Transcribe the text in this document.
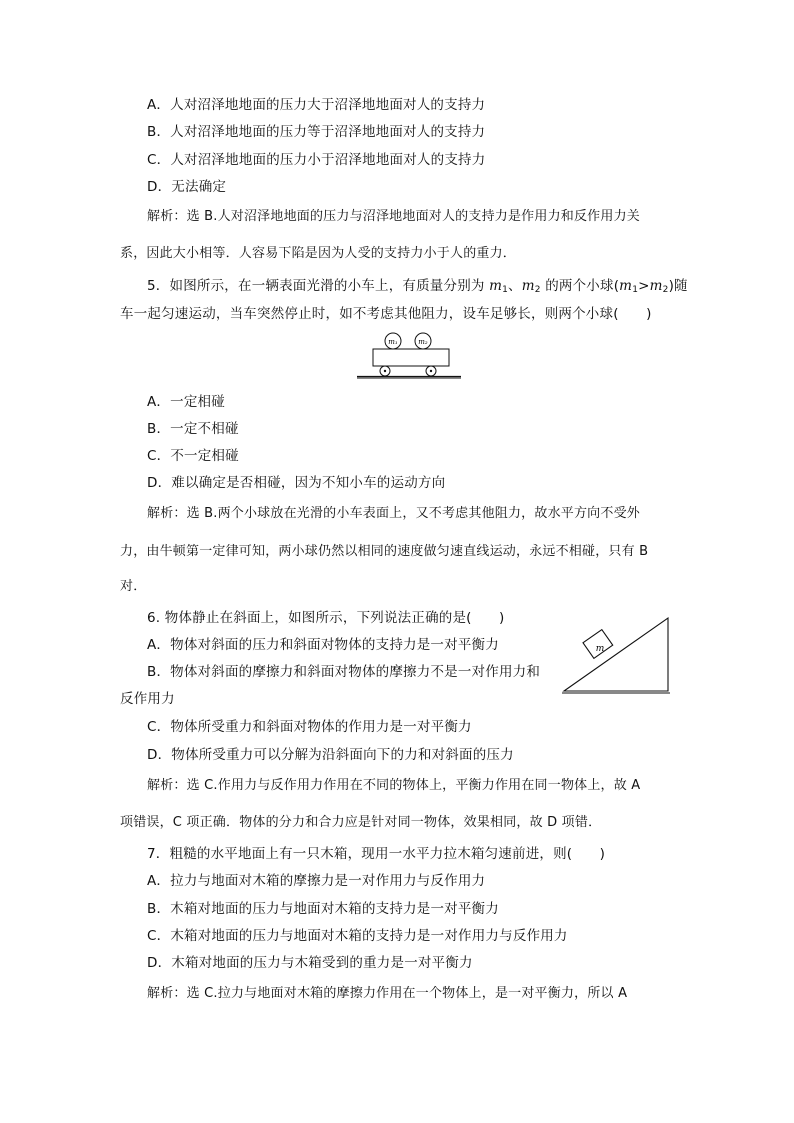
A．人对沼泽地地面的压力大于沼泽地地面对人的支持力
B．人对沼泽地地面的压力等于沼泽地地面对人的支持力
C．人对沼泽地地面的压力小于沼泽地地面对人的支持力
D．无法确定
解析：选 B.人对沼泽地地面的压力与沼泽地地面对人的支持力是作用力和反作用力关
系，因此大小相等．人容易下陷是因为人受的支持力小于人的重力．
5．如图所示，在一辆表面光滑的小车上，有质量分别为 $m_1$、$m_2$ 的两个小球$(m_1>m_2)$随
车一起匀速运动，当车突然停止时，如不考虑其他阻力，设车足够长，则两个小球(　　)
m₁	m₂
A．一定相碰
B．一定不相碰
C．不一定相碰
D．难以确定是否相碰，因为不知小车的运动方向
解析：选 B.两个小球放在光滑的小车表面上，又不考虑其他阻力，故水平方向不受外
力，由牛顿第一定律可知，两小球仍然以相同的速度做匀速直线运动，永远不相碰，只有 B
对．
6. 物体静止在斜面上，如图所示，下列说法正确的是(　　)
A．物体对斜面的压力和斜面对物体的支持力是一对平衡力
B．物体对斜面的摩擦力和斜面对物体的摩擦力不是一对作用力和
反作用力
m
C．物体所受重力和斜面对物体的作用力是一对平衡力
D．物体所受重力可以分解为沿斜面向下的力和对斜面的压力
解析：选 C.作用力与反作用力作用在不同的物体上，平衡力作用在同一物体上，故 A
项错误，C 项正确．物体的分力和合力应是针对同一物体，效果相同，故 D 项错．
7．粗糙的水平地面上有一只木箱，现用一水平力拉木箱匀速前进，则(　　)
A．拉力与地面对木箱的摩擦力是一对作用力与反作用力
B．木箱对地面的压力与地面对木箱的支持力是一对平衡力
C．木箱对地面的压力与地面对木箱的支持力是一对作用力与反作用力
D．木箱对地面的压力与木箱受到的重力是一对平衡力
解析：选 C.拉力与地面对木箱的摩擦力作用在一个物体上，是一对平衡力，所以 A
